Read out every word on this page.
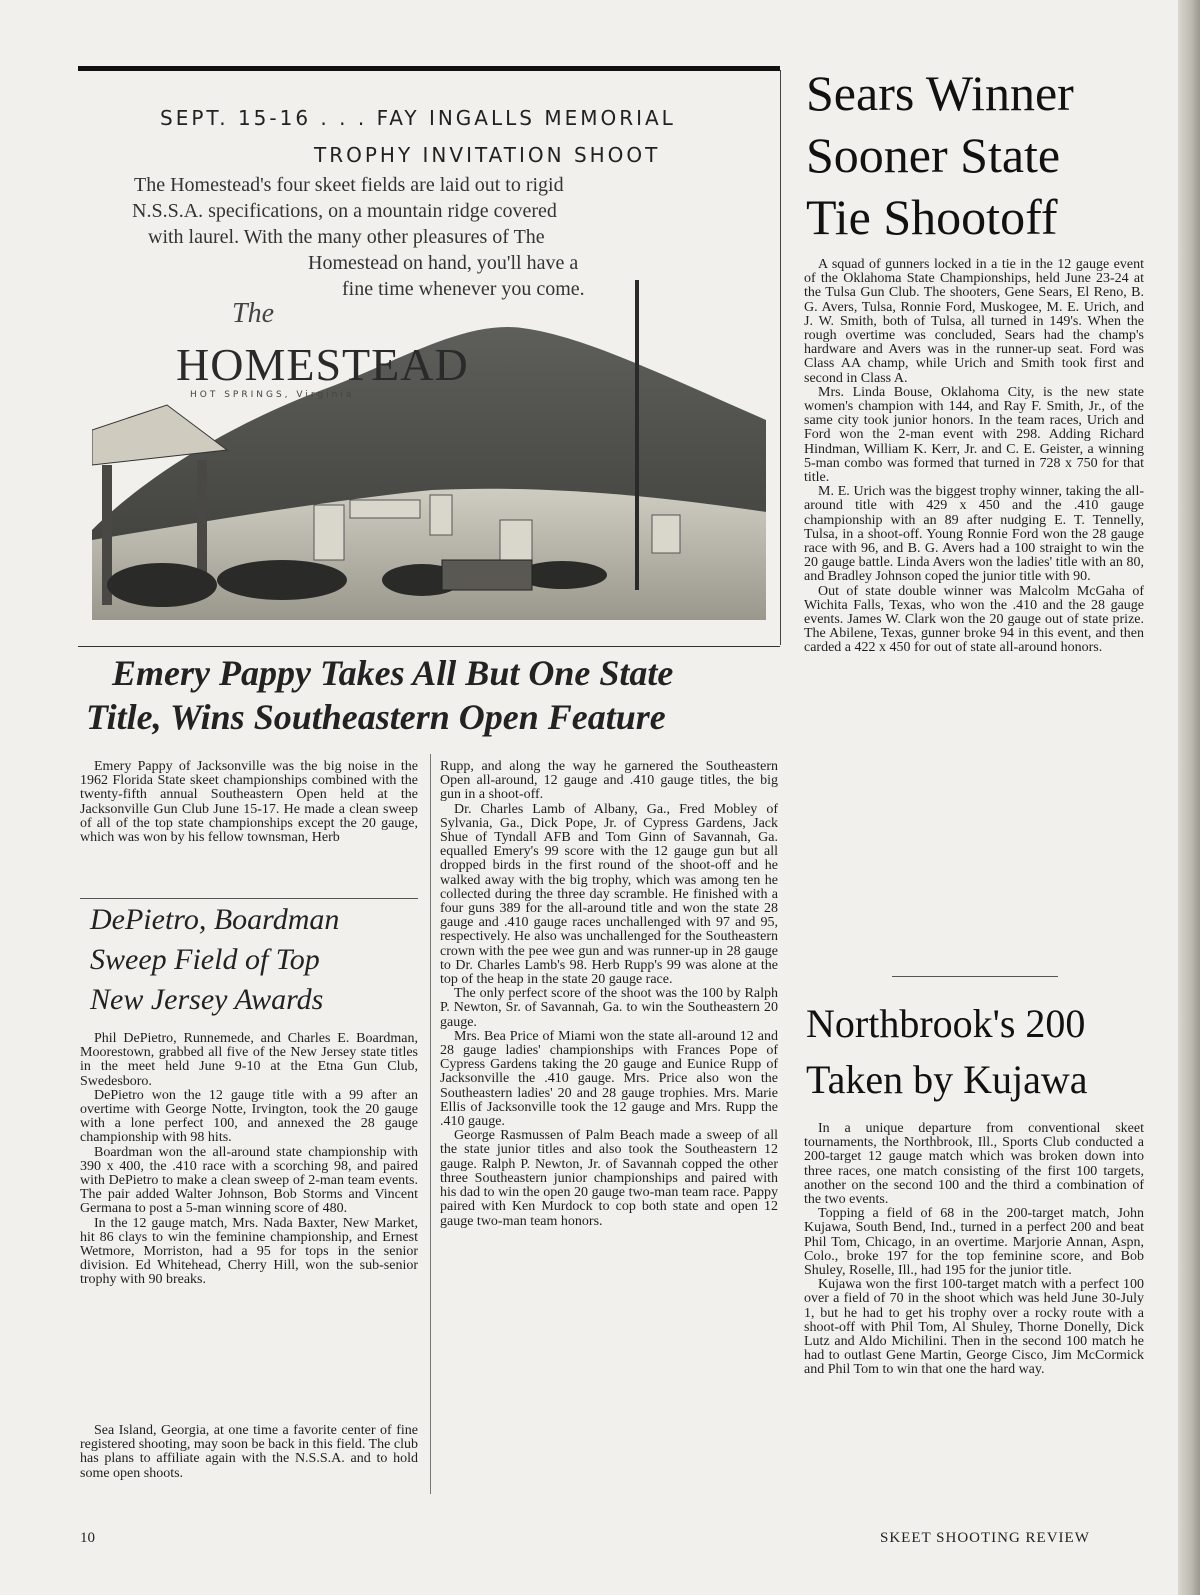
SEPT. 15-16 . . . FAY INGALLS MEMORIAL
TROPHY INVITATION SHOOT
The Homestead's four skeet fields are laid out to rigid
N.S.S.A. specifications, on a mountain ridge covered
with laurel. With the many other pleasures of The
Homestead on hand, you'll have a
fine time whenever you come.
The
HOMESTEAD
HOT SPRINGS, Virginia
Emery Pappy Takes All But One State
Title, Wins Southeastern Open Feature

Emery Pappy of Jacksonville was the big noise in the 1962 Florida State skeet championships combined with the twenty-fifth annual Southeastern Open held at the Jacksonville Gun Club June 15-17. He made a clean sweep of all of the top state championships except the 20 gauge, which was won by his fellow townsman, Herb

DePietro, Boardman
Sweep Field of Top
New Jersey Awards

Phil DePietro, Runnemede, and Charles E. Boardman, Moorestown, grabbed all five of the New Jersey state titles in the meet held June 9-10 at the Etna Gun Club, Swedesboro.

DePietro won the 12 gauge title with a 99 after an overtime with George Notte, Irvington, took the 20 gauge with a lone perfect 100, and annexed the 28 gauge championship with 98 hits.

Boardman won the all-around state championship with 390 x 400, the .410 race with a scorching 98, and paired with DePietro to make a clean sweep of 2-man team events. The pair added Walter Johnson, Bob Storms and Vincent Germana to post a 5-man winning score of 480.

In the 12 gauge match, Mrs. Nada Baxter, New Market, hit 86 clays to win the feminine championship, and Ernest Wetmore, Morriston, had a 95 for tops in the senior division. Ed Whitehead, Cherry Hill, won the sub-senior trophy with 90 breaks.

Sea Island, Georgia, at one time a favorite center of fine registered shooting, may soon be back in this field. The club has plans to affiliate again with the N.S.S.A. and to hold some open shoots.

Rupp, and along the way he garnered the Southeastern Open all-around, 12 gauge and .410 gauge titles, the big gun in a shoot-off.

Dr. Charles Lamb of Albany, Ga., Fred Mobley of Sylvania, Ga., Dick Pope, Jr. of Cypress Gardens, Jack Shue of Tyndall AFB and Tom Ginn of Savannah, Ga. equalled Emery's 99 score with the 12 gauge gun but all dropped birds in the first round of the shoot-off and he walked away with the big trophy, which was among ten he collected during the three day scramble. He finished with a four guns 389 for the all-around title and won the state 28 gauge and .410 gauge races unchallenged with 97 and 95, respectively. He also was unchallenged for the Southeastern crown with the pee wee gun and was runner-up in 28 gauge to Dr. Charles Lamb's 98. Herb Rupp's 99 was alone at the top of the heap in the state 20 gauge race.

The only perfect score of the shoot was the 100 by Ralph P. Newton, Sr. of Savannah, Ga. to win the Southeastern 20 gauge.

Mrs. Bea Price of Miami won the state all-around 12 and 28 gauge ladies' championships with Frances Pope of Cypress Gardens taking the 20 gauge and Eunice Rupp of Jacksonville the .410 gauge. Mrs. Price also won the Southeastern ladies' 20 and 28 gauge trophies. Mrs. Marie Ellis of Jacksonville took the 12 gauge and Mrs. Rupp the .410 gauge.

George Rasmussen of Palm Beach made a sweep of all the state junior titles and also took the Southeastern 12 gauge. Ralph P. Newton, Jr. of Savannah copped the other three Southeastern junior championships and paired with his dad to win the open 20 gauge two-man team race. Pappy paired with Ken Murdock to cop both state and open 12 gauge two-man team honors.

Sears Winner
Sooner State
Tie Shootoff

A squad of gunners locked in a tie in the 12 gauge event of the Oklahoma State Championships, held June 23-24 at the Tulsa Gun Club. The shooters, Gene Sears, El Reno, B. G. Avers, Tulsa, Ronnie Ford, Muskogee, M. E. Urich, and J. W. Smith, both of Tulsa, all turned in 149's. When the rough overtime was concluded, Sears had the champ's hardware and Avers was in the runner-up seat. Ford was Class AA champ, while Urich and Smith took first and second in Class A.

Mrs. Linda Bouse, Oklahoma City, is the new state women's champion with 144, and Ray F. Smith, Jr., of the same city took junior honors. In the team races, Urich and Ford won the 2-man event with 298. Adding Richard Hindman, William K. Kerr, Jr. and C. E. Geister, a winning 5-man combo was formed that turned in 728 x 750 for that title.

M. E. Urich was the biggest trophy winner, taking the all-around title with 429 x 450 and the .410 gauge championship with an 89 after nudging E. T. Tennelly, Tulsa, in a shoot-off. Young Ronnie Ford won the 28 gauge race with 96, and B. G. Avers had a 100 straight to win the 20 gauge battle. Linda Avers won the ladies' title with an 80, and Bradley Johnson coped the junior title with 90.

Out of state double winner was Malcolm McGaha of Wichita Falls, Texas, who won the .410 and the 28 gauge events. James W. Clark won the 20 gauge out of state prize. The Abilene, Texas, gunner broke 94 in this event, and then carded a 422 x 450 for out of state all-around honors.

Northbrook's 200
Taken by Kujawa

In a unique departure from conventional skeet tournaments, the Northbrook, Ill., Sports Club conducted a 200-target 12 gauge match which was broken down into three races, one match consisting of the first 100 targets, another on the second 100 and the third a combination of the two events.

Topping a field of 68 in the 200-target match, John Kujawa, South Bend, Ind., turned in a perfect 200 and beat Phil Tom, Chicago, in an overtime. Marjorie Annan, Aspn, Colo., broke 197 for the top feminine score, and Bob Shuley, Roselle, Ill., had 195 for the junior title.

Kujawa won the first 100-target match with a perfect 100 over a field of 70 in the shoot which was held June 30-July 1, but he had to get his trophy over a rocky route with a shoot-off with Phil Tom, Al Shuley, Thorne Donelly, Dick Lutz and Aldo Michilini. Then in the second 100 match he had to outlast Gene Martin, George Cisco, Jim McCormick and Phil Tom to win that one the hard way.

10	SKEET SHOOTING REVIEW
